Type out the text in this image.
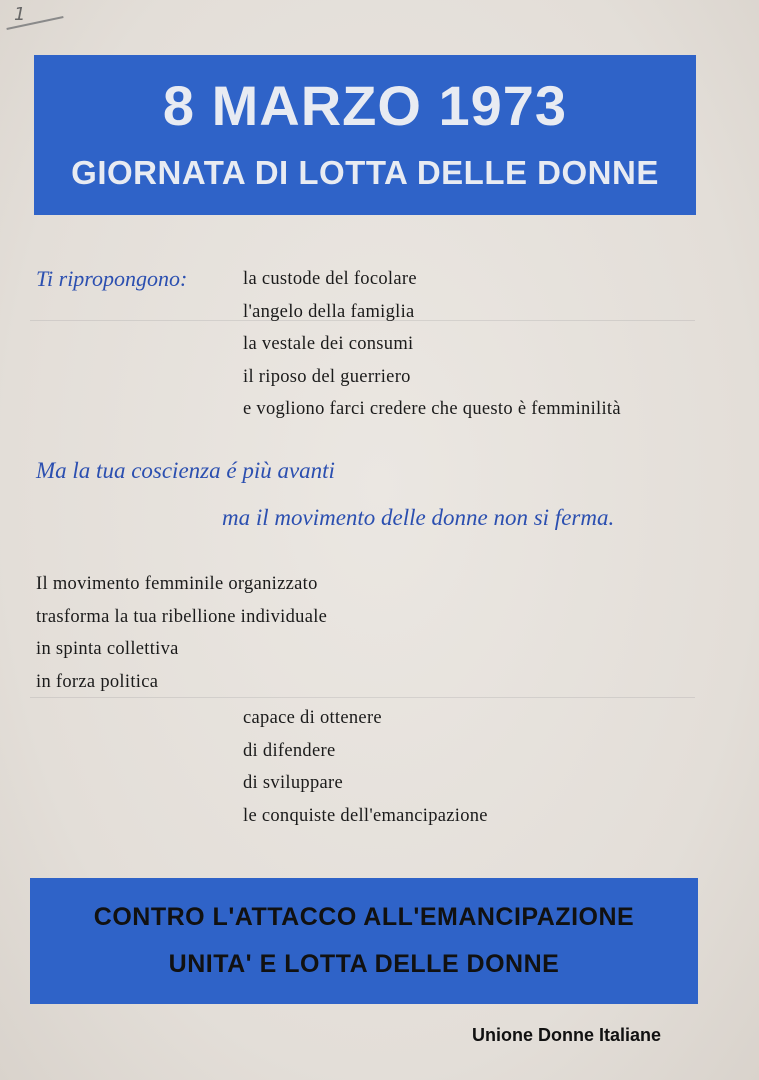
1
8 MARZO 1973
GIORNATA DI LOTTA DELLE DONNE
Ti ripropongono:	la custode del focolare
l'angelo della famiglia
la vestale dei consumi
il riposo del guerriero
e vogliono farci credere che questo è femminilità
Ma la tua coscienza é più avanti
ma il movimento delle donne non si ferma.
Il movimento femminile organizzato
trasforma la tua ribellione individuale
in spinta collettiva
in forza politica
capace di ottenere
di difendere
di sviluppare
le conquiste dell'emancipazione
CONTRO L'ATTACCO ALL'EMANCIPAZIONE
UNITA' E LOTTA DELLE DONNE
Unione Donne Italiane
